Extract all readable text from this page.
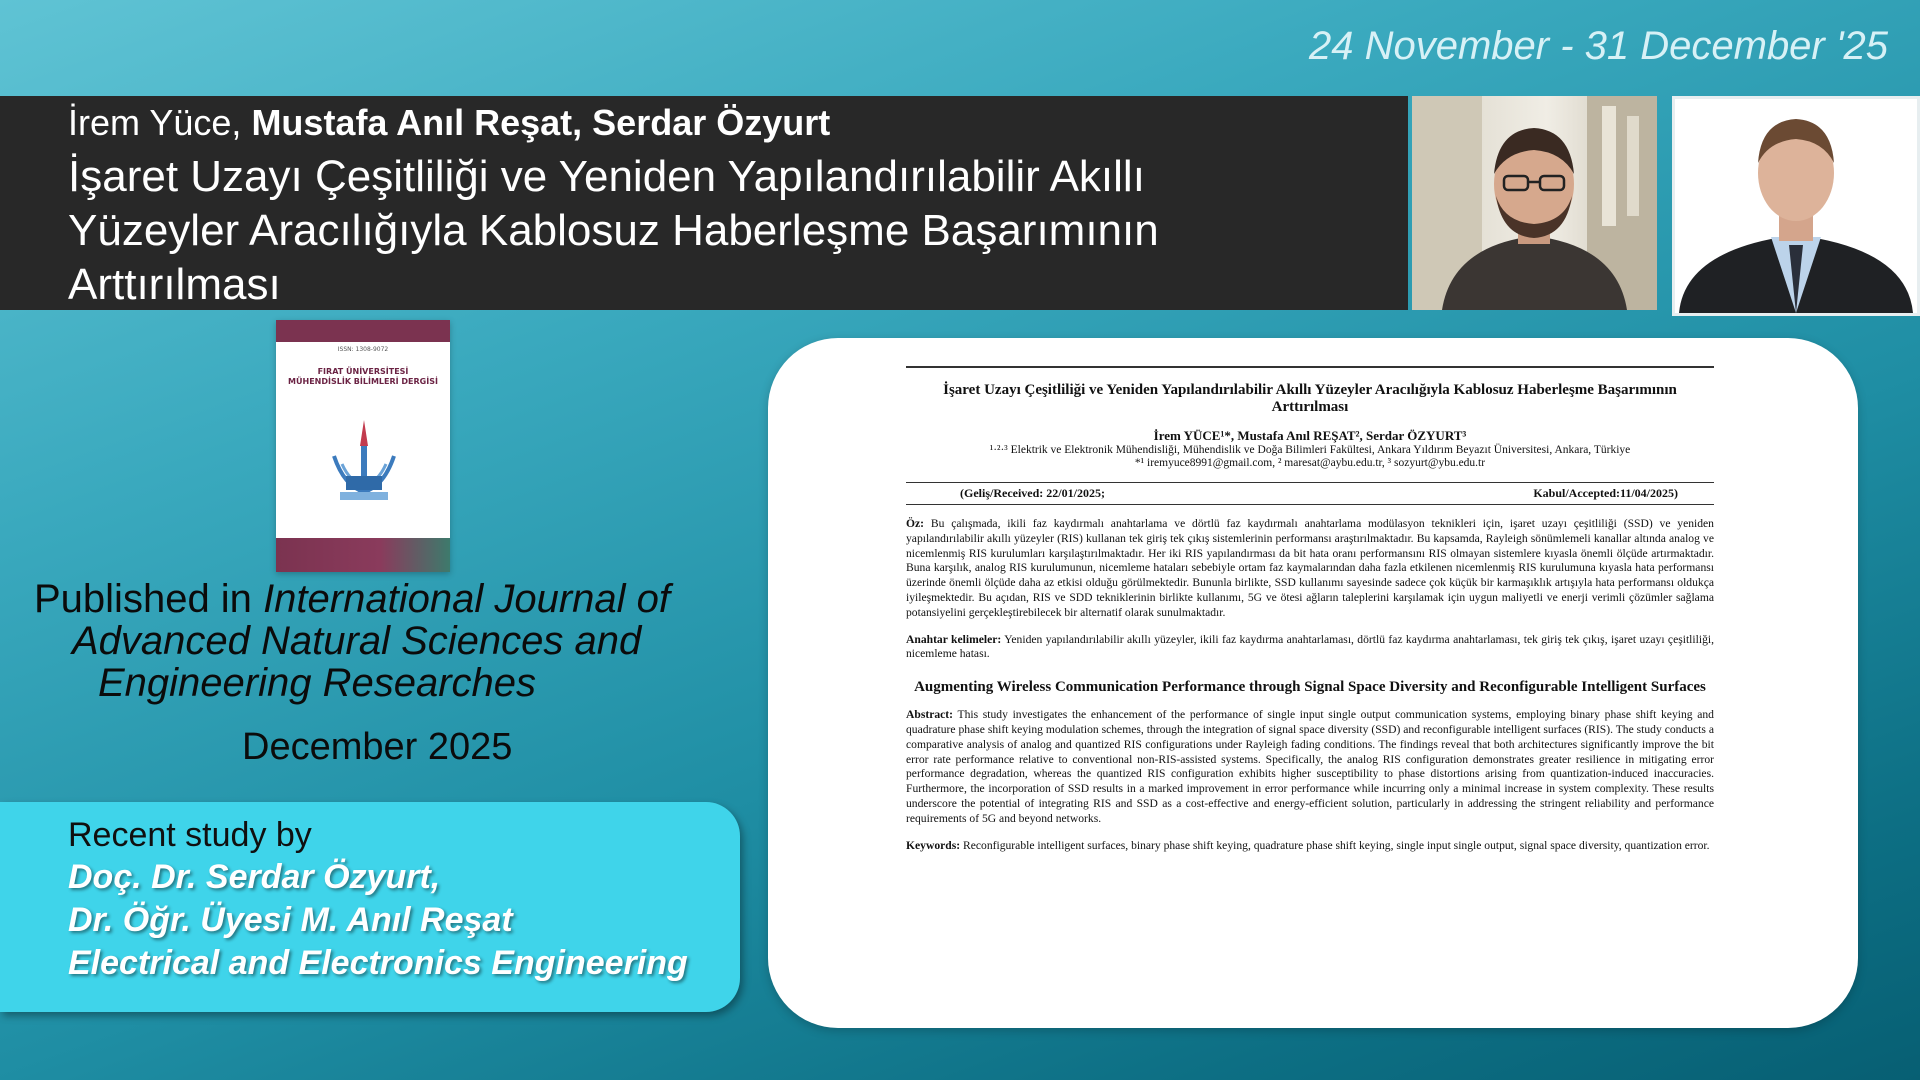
24 November - 31 December '25
İrem Yüce, Mustafa Anıl Reşat, Serdar Özyurt
İşaret Uzayı Çeşitliliği ve Yeniden Yapılandırılabilir Akıllı
Yüzeyler Aracılığıyla Kablosuz Haberleşme Başarımının
Arttırılması
ISSN: 1308-9072
FIRAT ÜNİVERSİTESİ
MÜHENDİSLİK BİLİMLERİ DERGİSİ
Published in International Journal of
Advanced Natural Sciences and
Engineering Researches
December 2025
Recent study by
Doç. Dr. Serdar Özyurt,
Dr. Öğr. Üyesi M. Anıl Reşat
Electrical and Electronics Engineering
İşaret Uzayı Çeşitliliği ve Yeniden Yapılandırılabilir Akıllı Yüzeyler Aracılığıyla Kablosuz Haberleşme Başarımının Arttırılması
İrem YÜCE¹*, Mustafa Anıl REŞAT², Serdar ÖZYURT³
¹·²·³ Elektrik ve Elektronik Mühendisliği, Mühendislik ve Doğa Bilimleri Fakültesi, Ankara Yıldırım Beyazıt Üniversitesi, Ankara, Türkiye
*¹ iremyuce8991@gmail.com, ² maresat@aybu.edu.tr, ³ sozyurt@ybu.edu.tr
(Geliş/Received: 22/01/2025;	Kabul/Accepted:11/04/2025)
Öz: Bu çalışmada, ikili faz kaydırmalı anahtarlama ve dörtlü faz kaydırmalı anahtarlama modülasyon teknikleri için, işaret uzayı çeşitliliği (SSD) ve yeniden yapılandırılabilir akıllı yüzeyler (RIS) kullanan tek giriş tek çıkış sistemlerinin performansı araştırılmaktadır. Bu kapsamda, Rayleigh sönümlemeli kanallar altında analog ve nicemlenmiş RIS kurulumları karşılaştırılmaktadır. Her iki RIS yapılandırması da bit hata oranı performansını RIS olmayan sistemlere kıyasla önemli ölçüde artırmaktadır. Buna karşılık, analog RIS kurulumunun, nicemleme hataları sebebiyle ortam faz kaymalarından daha fazla etkilenen nicemlenmiş RIS kurulumuna kıyasla hata performansı üzerinde önemli ölçüde daha az etkisi olduğu görülmektedir. Bununla birlikte, SSD kullanımı sayesinde sadece çok küçük bir karmaşıklık artışıyla hata performansı oldukça iyileşmektedir. Bu açıdan, RIS ve SDD tekniklerinin birlikte kullanımı, 5G ve ötesi ağların taleplerini karşılamak için uygun maliyetli ve enerji verimli çözümler sağlama potansiyelini gerçekleştirebilecek bir alternatif olarak sunulmaktadır.
Anahtar kelimeler: Yeniden yapılandırılabilir akıllı yüzeyler, ikili faz kaydırma anahtarlaması, dörtlü faz kaydırma anahtarlaması, tek giriş tek çıkış, işaret uzayı çeşitliliği, nicemleme hatası.
Augmenting Wireless Communication Performance through Signal Space Diversity and Reconfigurable Intelligent Surfaces
Abstract: This study investigates the enhancement of the performance of single input single output communication systems, employing binary phase shift keying and quadrature phase shift keying modulation schemes, through the integration of signal space diversity (SSD) and reconfigurable intelligent surfaces (RIS). The study conducts a comparative analysis of analog and quantized RIS configurations under Rayleigh fading conditions. The findings reveal that both architectures significantly improve the bit error rate performance relative to conventional non-RIS-assisted systems. Specifically, the analog RIS configuration demonstrates greater resilience in mitigating error performance degradation, whereas the quantized RIS configuration exhibits higher susceptibility to phase distortions arising from quantization-induced inaccuracies. Furthermore, the incorporation of SSD results in a marked improvement in error performance while incurring only a minimal increase in system complexity. These results underscore the potential of integrating RIS and SSD as a cost-effective and energy-efficient solution, particularly in addressing the stringent reliability and performance requirements of 5G and beyond networks.
Keywords: Reconfigurable intelligent surfaces, binary phase shift keying, quadrature phase shift keying, single input single output, signal space diversity, quantization error.
